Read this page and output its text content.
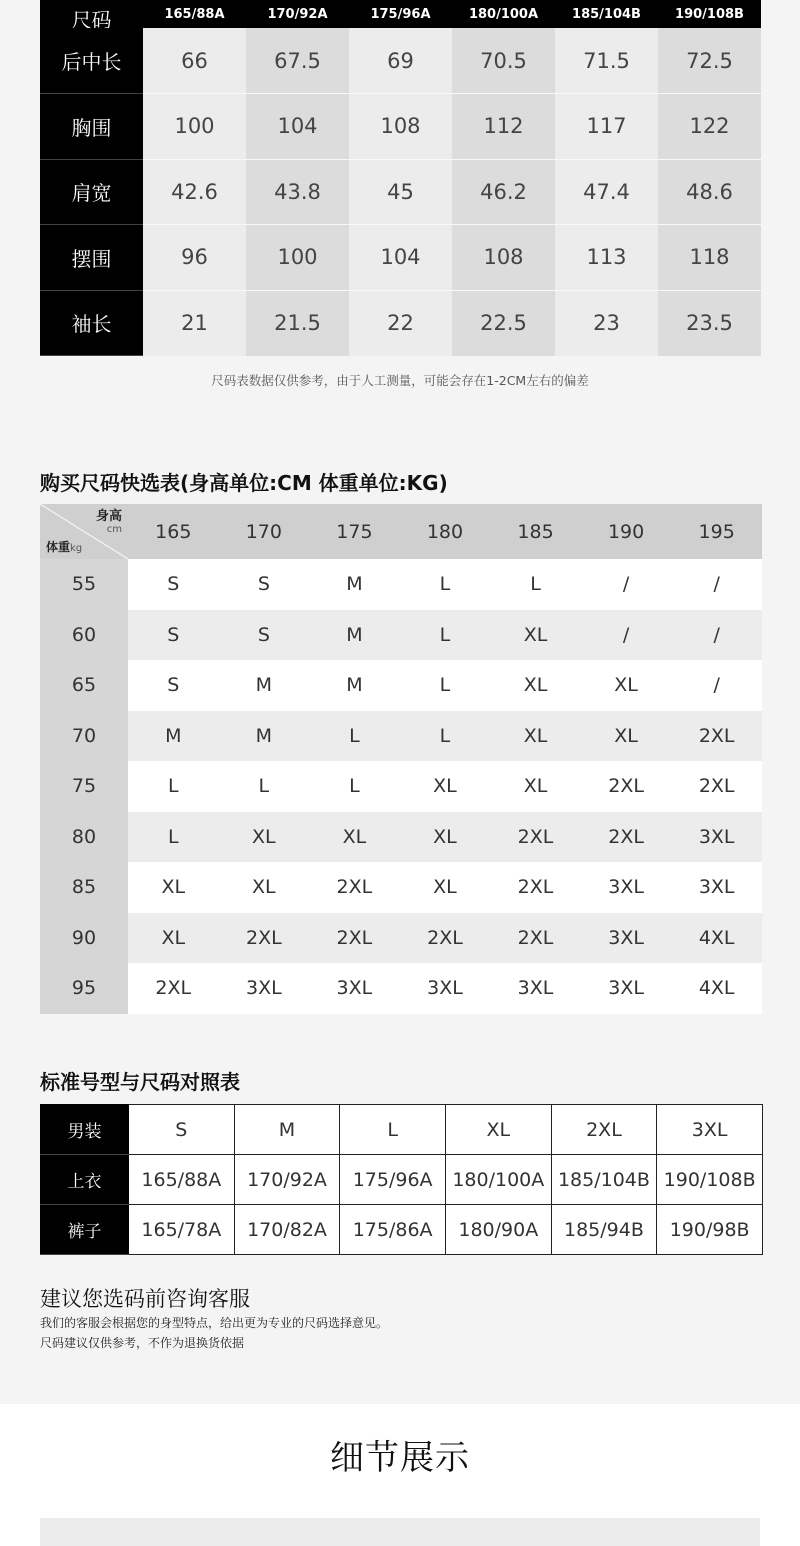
尺码	165/88A	170/92A	175/96A	180/100A	185/104B	190/108B
后中长	66	67.5	69	70.5	71.5	72.5
胸围	100	104	108	112	117	122
肩宽	42.6	43.8	45	46.2	47.4	48.6
摆围	96	100	104	108	113	118
袖长	21	21.5	22	22.5	23	23.5
尺码表数据仅供参考，由于人工测量，可能会存在1-2CM左右的偏差
购买尺码快选表(身高单位:CM 体重单位:KG)
身高
cm
体重kg	165	170	175	180	185	190	195
55	S	S	M	L	L	/	/
60	S	S	M	L	XL	/	/
65	S	M	M	L	XL	XL	/
70	M	M	L	L	XL	XL	2XL
75	L	L	L	XL	XL	2XL	2XL
80	L	XL	XL	XL	2XL	2XL	3XL
85	XL	XL	2XL	XL	2XL	3XL	3XL
90	XL	2XL	2XL	2XL	2XL	3XL	4XL
95	2XL	3XL	3XL	3XL	3XL	3XL	4XL
标准号型与尺码对照表
男装	S	M	L	XL	2XL	3XL
上衣	165/88A	170/92A	175/96A	180/100A	185/104B	190/108B
裤子	165/78A	170/82A	175/86A	180/90A	185/94B	190/98B
建议您选码前咨询客服
我们的客服会根据您的身型特点，给出更为专业的尺码选择意见。
尺码建议仅供参考，不作为退换货依据
细节展示
